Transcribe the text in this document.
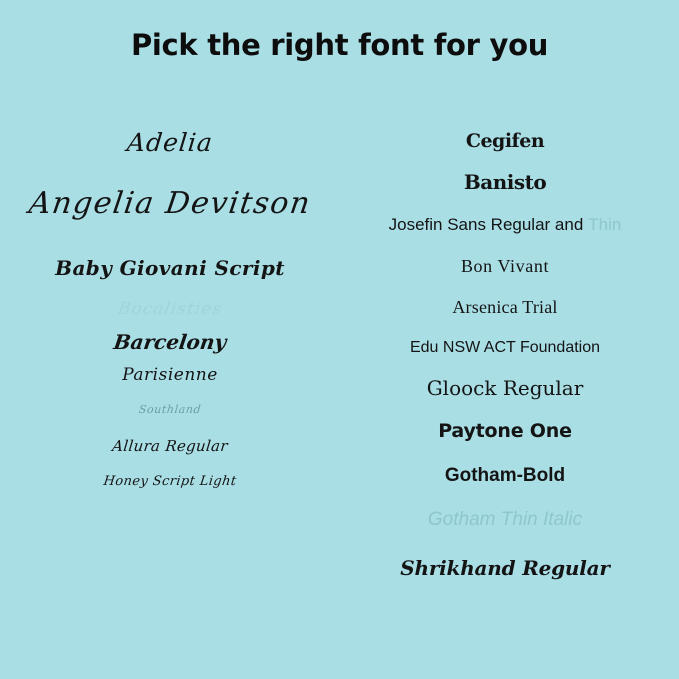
Pick the right font for you
Adelia
Angelia Devitson
Baby Giovani Script
Bocalisties
Barcelony
Parisienne
Southland
Allura Regular
Honey Script Light
Cegifen
Banisto
Josefin Sans Regular and Thin
Bon Vivant
Arsenica Trial
Edu NSW ACT Foundation
Gloock Regular
Paytone One
Gotham-Bold
Gotham Thin Italic
Shrikhand Regular
